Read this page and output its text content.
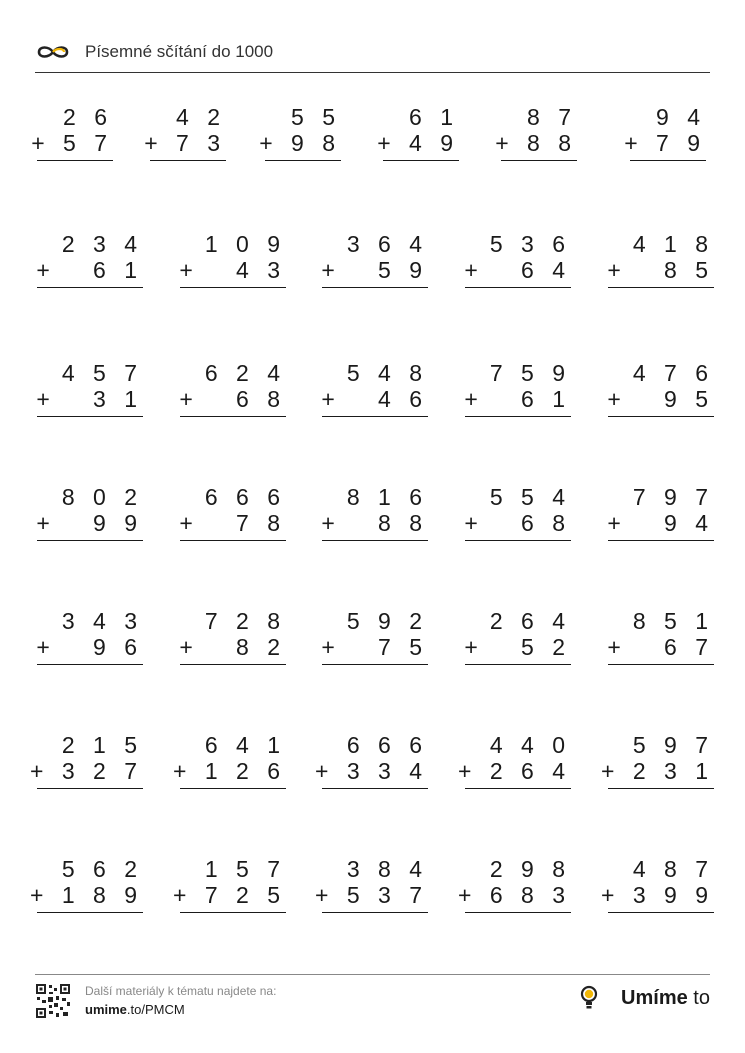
Písemné sčítání do 1000
2 6
+ 5 7
4 2
+ 7 3
5 5
+ 9 8
6 1
+ 4 9
8 7
+ 8 8
9 4
+ 7 9
2 3 4
+   6 1
1 0 9
+   4 3
3 6 4
+   5 9
5 3 6
+   6 4
4 1 8
+   8 5
4 5 7
+   3 1
6 2 4
+   6 8
5 4 8
+   4 6
7 5 9
+   6 1
4 7 6
+   9 5
8 0 2
+   9 9
6 6 6
+   7 8
8 1 6
+   8 8
5 5 4
+   6 8
7 9 7
+   9 4
3 4 3
+   9 6
7 2 8
+   8 2
5 9 2
+   7 5
2 6 4
+   5 2
8 5 1
+   6 7
2 1 5
+ 3 2 7
6 4 1
+ 1 2 6
6 6 6
+ 3 3 4
4 4 0
+ 2 6 4
5 9 7
+ 2 3 1
5 6 2
+ 1 8 9
1 5 7
+ 7 2 5
3 8 4
+ 5 3 7
2 9 8
+ 6 8 3
4 8 7
+ 3 9 9
Další materiály k tématu najdete na:
umime.to/PMCM
Umíme to
